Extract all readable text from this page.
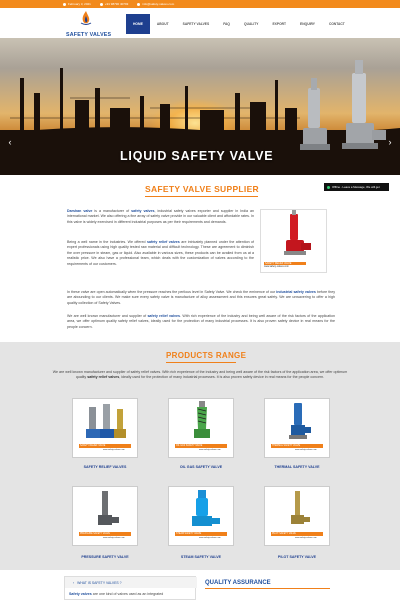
February 3, 2021	+91 98790 40793	info@safety-valves.com
SAFETY VALVES
HOME	ABOUT	SAFETY VALVES	FAQ	QUALITY	EXPORT	ENQUIRY	CONTACT
‹	›
LIQUID SAFETY VALVE
Offline - Leave a Message, We will get
SAFETY VALVE SUPPLIER
Darshan valve is a manufacturer of safety valves, industrial safety valves exporter and supplier in India an international market. We also offering a fine array of safety valve provide in our valuable client and affordable rates. In this valve is widely exercised in different industrial purposes as per their requirements and demands.
Being a well name in the industries. We offered safety relief valves are intricately planned under the attention of expert professionals using high quality tested raw material and difficult technology. These are agreement to diminish the over pressure in steam, gas or liquid. Also available in various sizes, these products can be availed from us at a realistic price. We also have a professional team, which deals with the customization of valves according to the requirements of our customers.	SAFETY RELIEF VALVE
www.safety-valves.com
In these valve are open automatically when the pressure reaches the perilous level in Safety Valve. We check the eminence of our industrial safety valves before they are abounding to our clients. We make sure every safety valve is manufacture of alloy assessment and this ensures great safety. We are unwavering to offer a high quality collection of Safety Valves.
We are well known manufacturer and supplier of safety relief valves. With rich experience of the industry and being well aware of the risk factors of the application area, we offer optimum quality safety relief valves, ideally used for the protection of many industrial processes. It is also proven safety device in real means for the people concern.
PRODUCTS RANGE
We are well known manufacturer and supplier of safety relief valves. With rich experience of the industry and being well aware of the risk factors of the application area, we offer optimum quality safety relief valves, ideally used for the protection of many industrial processes. It is also proven safety device in real means for the people concern.
SAFETY RELIEF VALVE
www.safety-valves.com
SAFETY RELIEF VALVES
OIL GAS SAFETY VALVE
www.safety-valves.com
OIL GAS SAFETY VALVE
THERMAL SAFETY VALVE
www.safety-valves.com
THERMAL SAFETY VALVE
PRESSURE SAFETY VALVE
www.safety-valves.com
PRESSURE SAFETY VALVE
STEAM SAFETY VALVE
www.safety-valves.com
STEAM SAFETY VALVE
PILOT SAFETY VALVE
www.safety-valves.com
PILOT SAFETY VALVE
› WHAT IS SAFETY VALVES ?
Safety valves are one kind of valves used as an integrated
QUALITY ASSURANCE
